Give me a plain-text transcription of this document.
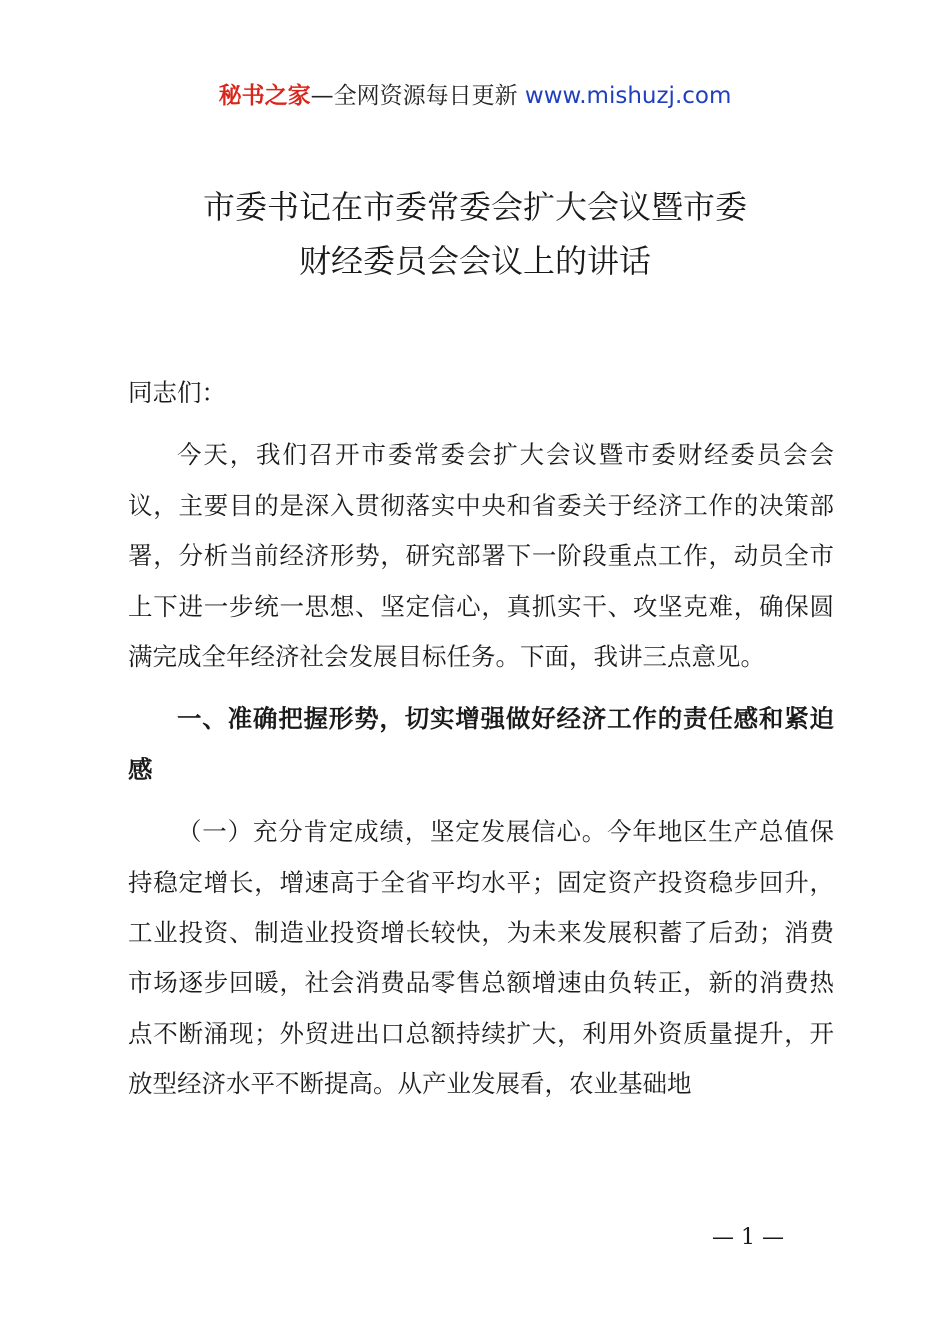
秘书之家—全网资源每日更新 www.mishuzj.com
市委书记在市委常委会扩大会议暨市委
财经委员会会议上的讲话

同志们：

今天，我们召开市委常委会扩大会议暨市委财经委员会会议，主要目的是深入贯彻落实中央和省委关于经济工作的决策部署，分析当前经济形势，研究部署下一阶段重点工作，动员全市上下进一步统一思想、坚定信心，真抓实干、攻坚克难，确保圆满完成全年经济社会发展目标任务。下面，我讲三点意见。

一、准确把握形势，切实增强做好经济工作的责任感和紧迫感

（一）充分肯定成绩，坚定发展信心。今年地区生产总值保持稳定增长，增速高于全省平均水平；固定资产投资稳步回升，工业投资、制造业投资增长较快，为未来发展积蓄了后劲；消费市场逐步回暖，社会消费品零售总额增速由负转正，新的消费热点不断涌现；外贸进出口总额持续扩大，利用外资质量提升，开放型经济水平不断提高。从产业发展看，农业基础地

— 1 —
